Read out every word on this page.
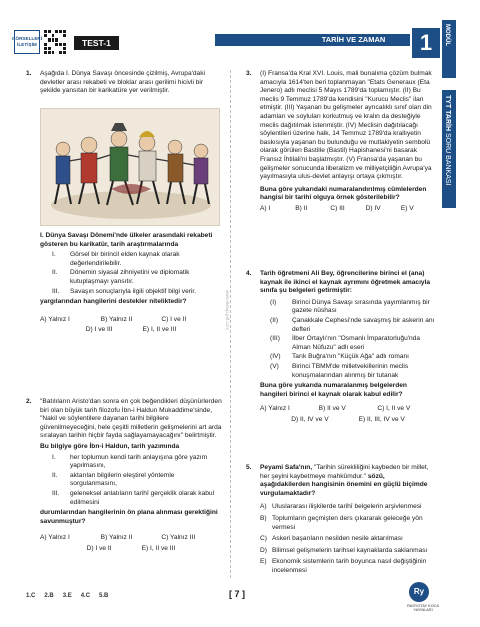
GÖRSELLERİ
İLETİŞİM	TEST-1	TARİH VE ZAMAN	1	MODÜL
TYT TARİH SORU BANKASI
www.ekitap.pdf.com
1. Aşağıda I. Dünya Savaşı öncesinde çizilmiş, Avrupa'daki devletler arası rekabeti ve bloklar arası gerilimi hicivli bir şekilde yansıtan bir karikatüre yer verilmiştir.

I. Dünya Savaşı Dönemi'nde ülkeler arasındaki rekabeti gösteren bu karikatür, tarih araştırmalarında

I.	Görsel bir birincil elden kaynak olarak değerlendirilebilir.
II.	Dönemin siyasal zihniyetini ve diplomatik kutuplaşmayı yansıtır.
III.	Savaşın sonuçlarıyla ilgili objektif bilgi verir.

yargılarından hangilerini destekler niteliktedir?

A) Yalnız I	B) Yalnız II	C) I ve II
D) I ve III	E) I, II ve III
2. "Batılıların Aristo'dan sonra en çok beğendikleri düşünürlerden biri olan büyük tarih filozofu İbn-i Haldun Mukaddime'sinde, "Nakil ve söylentilere dayanan tarihi bilgilere güvenilmeyeceğini, hele çeşitli milletlerin gelişmelerini art arda sıralayan tarihin hiçbir fayda sağlayamayacağını" belirtmiştir.

Bu bilgiye göre İbn-i Haldun, tarih yazımında

I.	her toplumun kendi tarih anlayışına göre yazım yapılmasını,
II.	aktarılan bilgilerin eleştirel yöntemle sorgulanmasını,
III.	geleneksel anlatıların tarihî gerçeklik olarak kabul edilmesini

durumlarından hangilerinin ön plana alınması gerektiğini savunmuştur?

A) Yalnız I	B) Yalnız II	C) Yalnız III
D) I ve II	E) I, II ve III
3. (I) Fransa'da Kral XVI. Louis, mali bunalıma çözüm bulmak amacıyla 1614'ten beri toplanmayan "Etats Generaux (Eta Jenero) adlı meclisi 5 Mayıs 1789'da toplamıştır. (II) Bu meclis 9 Temmuz 1789'da kendisini "Kurucu Meclis" ilan etmiştir. (III) Yaşanan bu gelişmeler ayrıcalıklı sınıf olan din adamları ve soyluları korkutmuş ve kralın da desteğiyle meclis dağıtılmak istenmiştir. (IV) Meclisin dağıtılacağı söylentileri üzerine halk, 14 Temmuz 1789'da krallıyetin baskısıyla yaşanan bu bulunduğu ve mutlakiyetin sembolü olarak görülen Bastille (Bastil) Hapishanesi'ni basarak Fransız İhtilali'ni başlatmıştır. (V) Fransa'da yaşanan bu gelişmeler sonucunda liberalizm ve milliyetçiliğin Avrupa'ya yayılmasıyla ulus-devlet anlayışı ortaya çıkmıştır.

Buna göre yukarıdaki numaralandırılmış cümlelerden hangisi bir tarihî olguya örnek gösterilebilir?

A) I	B) II	C) III	D) IV	E) V
4. Tarih öğretmeni Ali Bey, öğrencilerine birinci el (ana) kaynak ile ikinci el kaynak ayrımını öğretmek amacıyla sınıfa şu belgeleri getirmiştir:

(I)	Birinci Dünya Savaşı sırasında yayımlanmış bir gazete nüshası
(II)	Çanakkale Cephesi'nde savaşmış bir askerin anı defteri
(III)	İlber Ortaylı'nın "Osmanlı İmparatorluğu'nda Alman Nüfuzu" adlı eseri
(IV)	Tarık Buğra'nın "Küçük Ağa" adlı romanı
(V)	Birinci TBMM'de milletvekillerinin meclis konuşmalarından alınmış bir tutanak

Buna göre yukarıda numaralanmış belgelerden hangileri birinci el kaynak olarak kabul edilir?

A) Yalnız I	B) II ve V	C) I, II ve V
D) II, IV ve V	E) II, III, IV ve V
5. Peyami Safa'nın, "Tarihin sürekliliğini kaybeden bir millet, her şeyini kaybetmeye mahkûmdur." sözü, aşağıdakilerden hangisinin önemini en güçlü biçimde vurgulamaktadır?

A) Uluslararası ilişkilerde tarihî belgelerin arşivlenmesi
B) Toplumların geçmişten ders çıkararak geleceğe yön vermesi
C) Askeri başarıların nesilden nesile aktarılması
D) Bilimsel gelişmelerin tarihsel kaynaklarda saklanması
E) Ekonomik sistemlerin tarih boyunca nasıl değiştiğinin incelenmesi
1.C 2.B 3.E 4.C 5.B	[ 7 ]	Ry
RASYOTAY KOCA YAYINLARI
